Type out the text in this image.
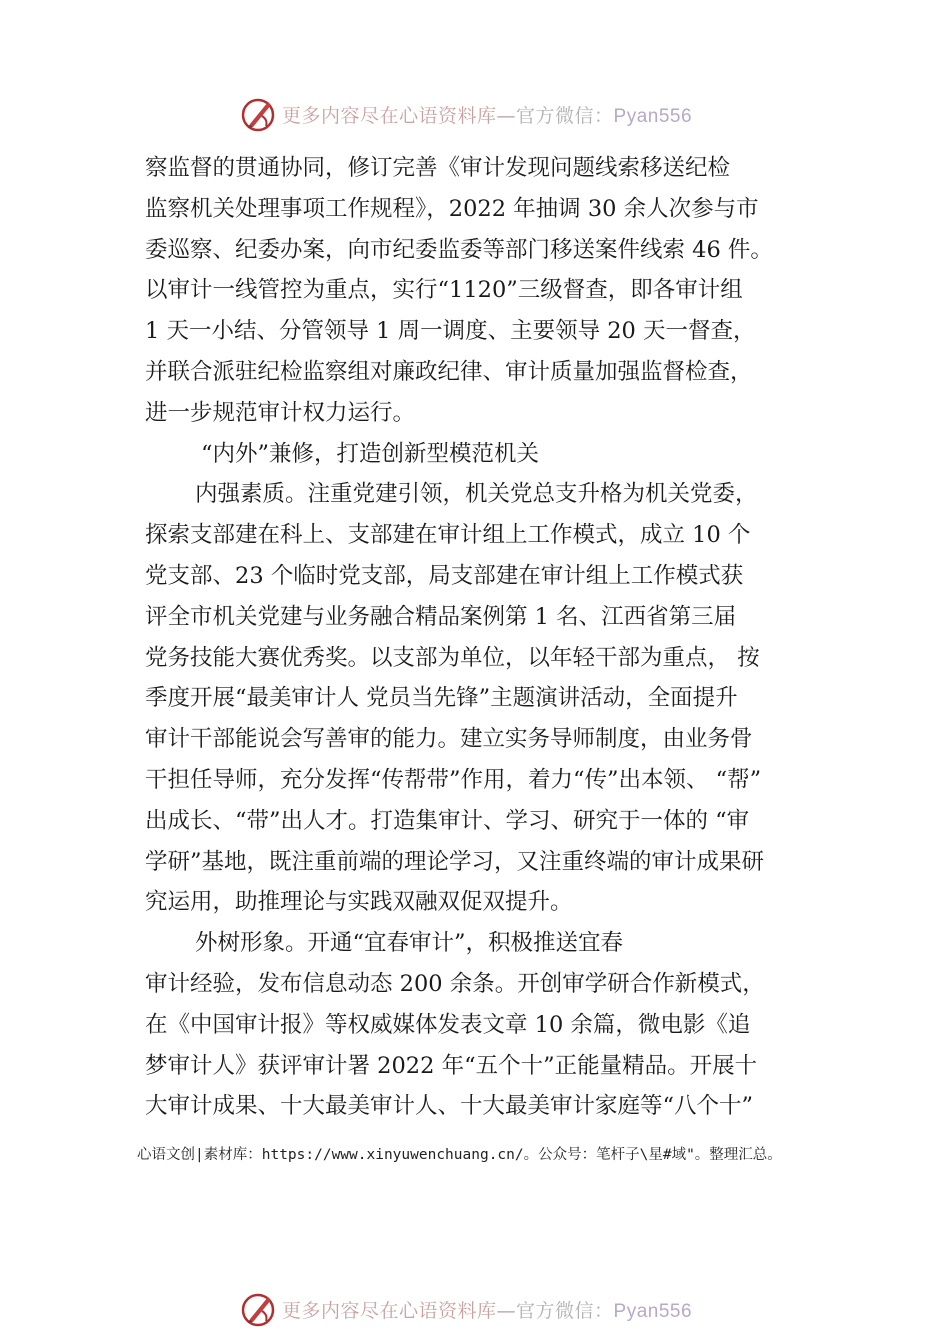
更多内容尽在心语资料库—官方微信：Pyan556
察监督的贯通协同，修订完善《审计发现问题线索移送纪检
监察机关处理事项工作规程》，2022 年抽调 30 余人次参与市
委巡察、纪委办案，向市纪委监委等部门移送案件线索 46 件。
以审计一线管控为重点，实行“1120”三级督查，即各审计组
1 天一小结、分管领导 1 周一调度、主要领导 20 天一督查，
并联合派驻纪检监察组对廉政纪律、审计质量加强监督检查，
进一步规范审计权力运行。
“内外”兼修，打造创新型模范机关
内强素质。注重党建引领，机关党总支升格为机关党委，
探索支部建在科上、支部建在审计组上工作模式，成立 10 个
党支部、23 个临时党支部，局支部建在审计组上工作模式获
评全市机关党建与业务融合精品案例第 1 名、江西省第三届
党务技能大赛优秀奖。以支部为单位，以年轻干部为重点， 按
季度开展“最美审计人 党员当先锋”主题演讲活动，全面提升
审计干部能说会写善审的能力。建立实务导师制度，由业务骨
干担任导师，充分发挥“传帮带”作用，着力“传”出本领、 “帮”
出成长、“带”出人才。打造集审计、学习、研究于一体的 “审
学研”基地，既注重前端的理论学习，又注重终端的审计成果研
究运用，助推理论与实践双融双促双提升。
外树形象。开通“宜春审计”，积极推送宜春
审计经验，发布信息动态 200 余条。开创审学研合作新模式，
在《中国审计报》等权威媒体发表文章 10 余篇，微电影《追
梦审计人》获评审计署 2022 年“五个十”正能量精品。开展十
大审计成果、十大最美审计人、十大最美审计家庭等“八个十”
心语文创|素材库：https://www.xinyuwenchuang.cn/。公众号：笔杆子\星#域"。整理汇总。
更多内容尽在心语资料库—官方微信：Pyan556
